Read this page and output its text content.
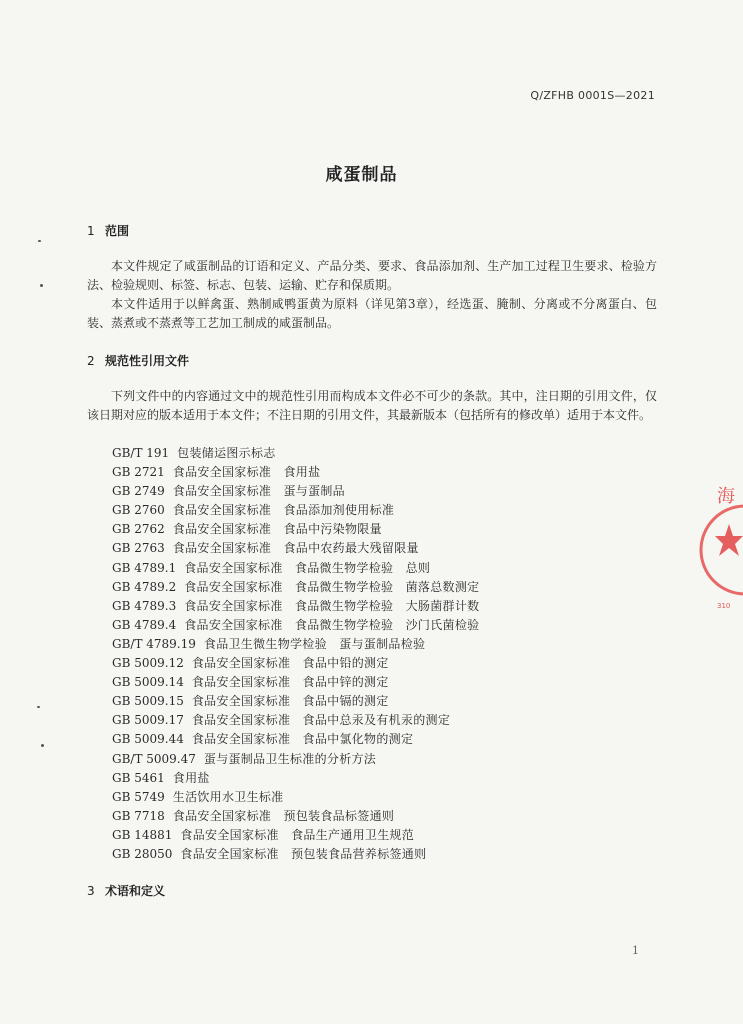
Q/ZFHB 0001S—2021
咸蛋制品
1 范围
本文件规定了咸蛋制品的订语和定义、产品分类、要求、食品添加剂、生产加工过程卫生要求、检验方法、检验规则、标签、标志、包装、运输、贮存和保质期。
本文件适用于以鲜禽蛋、熟制咸鸭蛋黄为原料（详见第3章），经选蛋、腌制、分离或不分离蛋白、包装、蒸煮或不蒸煮等工艺加工制成的咸蛋制品。
2 规范性引用文件
下列文件中的内容通过文中的规范性引用而构成本文件必不可少的条款。其中，注日期的引用文件，仅该日期对应的版本适用于本文件；不注日期的引用文件，其最新版本（包括所有的修改单）适用于本文件。
GB/T 191 包装储运图示标志
GB 2721 食品安全国家标准　食用盐
GB 2749 食品安全国家标准　蛋与蛋制品
GB 2760 食品安全国家标准　食品添加剂使用标准
GB 2762 食品安全国家标准　食品中污染物限量
GB 2763 食品安全国家标准　食品中农药最大残留限量
GB 4789.1 食品安全国家标准　食品微生物学检验　总则
GB 4789.2 食品安全国家标准　食品微生物学检验　菌落总数测定
GB 4789.3 食品安全国家标准　食品微生物学检验　大肠菌群计数
GB 4789.4 食品安全国家标准　食品微生物学检验　沙门氏菌检验
GB/T 4789.19 食品卫生微生物学检验　蛋与蛋制品检验
GB 5009.12 食品安全国家标准　食品中铅的测定
GB 5009.14 食品安全国家标准　食品中锌的测定
GB 5009.15 食品安全国家标准　食品中镉的测定
GB 5009.17 食品安全国家标准　食品中总汞及有机汞的测定
GB 5009.44 食品安全国家标准　食品中氯化物的测定
GB/T 5009.47 蛋与蛋制品卫生标准的分析方法
GB 5461 食用盐
GB 5749 生活饮用水卫生标准
GB 7718 食品安全国家标准　预包装食品标签通则
GB 14881 食品安全国家标准　食品生产通用卫生规范
GB 28050 食品安全国家标准　预包装食品营养标签通则
3 术语和定义
1
海
310
